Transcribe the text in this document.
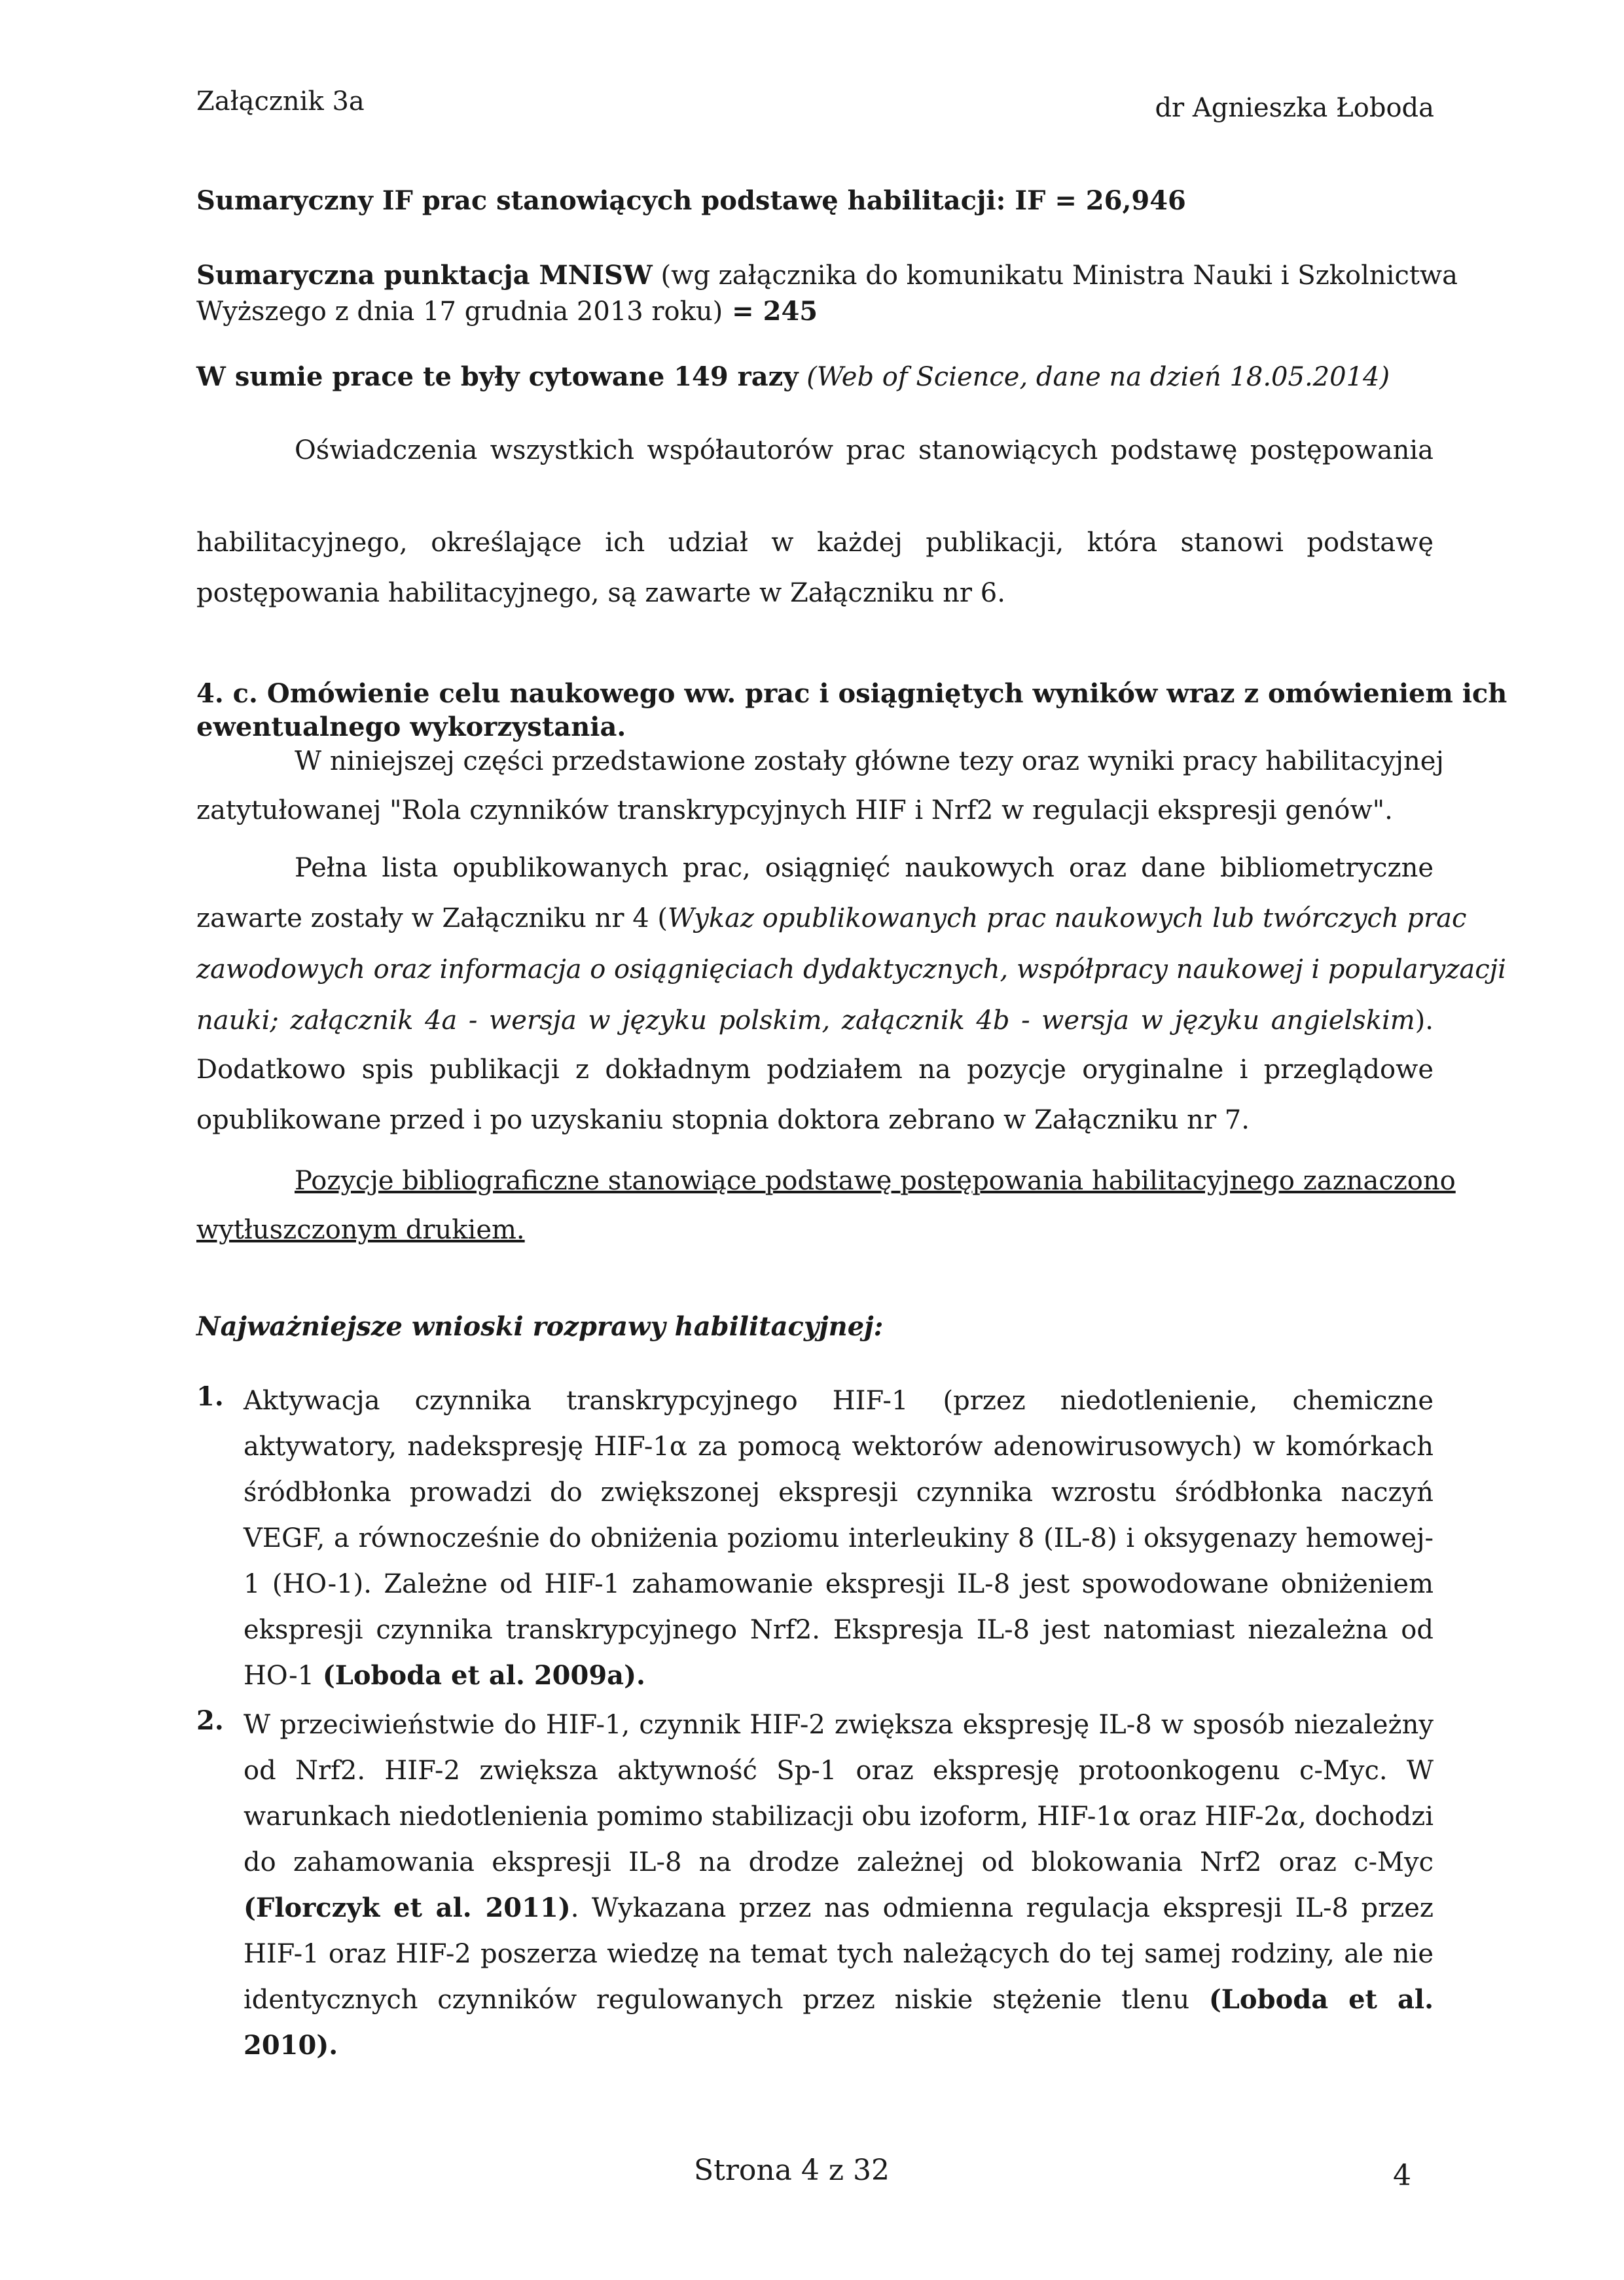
Załącznik 3a	dr Agnieszka Łoboda
Sumaryczny IF prac stanowiących podstawę habilitacji: IF = 26,946
Sumaryczna punktacja MNISW (wg załącznika do komunikatu Ministra Nauki i Szkolnictwa
Wyższego z dnia 17 grudnia 2013 roku) = 245
W sumie prace te były cytowane 149 razy (Web of Science, dane na dzień 18.05.2014)
Oświadczenia wszystkich współautorów prac stanowiących podstawę postępowania
habilitacyjnego, określające ich udział w każdej publikacji, która stanowi podstawę
postępowania habilitacyjnego, są zawarte w Załączniku nr 6.
4. c. Omówienie celu naukowego ww. prac i osiągniętych wyników wraz z omówieniem ich
ewentualnego wykorzystania.
W niniejszej części przedstawione zostały główne tezy oraz wyniki pracy habilitacyjnej
zatytułowanej "Rola czynników transkrypcyjnych HIF i Nrf2 w regulacji ekspresji genów".
Pełna lista opublikowanych prac, osiągnięć naukowych oraz dane bibliometryczne
zawarte zostały w Załączniku nr 4 (Wykaz opublikowanych prac naukowych lub twórczych prac
zawodowych oraz informacja o osiągnięciach dydaktycznych, współpracy naukowej i popularyzacji
nauki; załącznik 4a - wersja w języku polskim, załącznik 4b - wersja w języku angielskim).
Dodatkowo spis publikacji z dokładnym podziałem na pozycje oryginalne i przeglądowe
opublikowane przed i po uzyskaniu stopnia doktora zebrano w Załączniku nr 7.
Pozycje bibliograficzne stanowiące podstawę postępowania habilitacyjnego zaznaczono
wytłuszczonym drukiem.
Najważniejsze wnioski rozprawy habilitacyjnej:
1. Aktywacja czynnika transkrypcyjnego HIF-1 (przez niedotlenienie, chemiczne aktywatory, nadekspresję HIF-1α za pomocą wektorów adenowirusowych) w komórkach śródbłonka prowadzi do zwiększonej ekspresji czynnika wzrostu śródbłonka naczyń VEGF, a równocześnie do obniżenia poziomu interleukiny 8 (IL-8) i oksygenazy hemowej-1 (HO-1). Zależne od HIF-1 zahamowanie ekspresji IL-8 jest spowodowane obniżeniem ekspresji czynnika transkrypcyjnego Nrf2. Ekspresja IL-8 jest natomiast niezależna od HO-1 (Loboda et al. 2009a).
2. W przeciwieństwie do HIF-1, czynnik HIF-2 zwiększa ekspresję IL-8 w sposób niezależny od Nrf2. HIF-2 zwiększa aktywność Sp-1 oraz ekspresję protoonkogenu c-Myc. W warunkach niedotlenienia pomimo stabilizacji obu izoform, HIF-1α oraz HIF-2α, dochodzi do zahamowania ekspresji IL-8 na drodze zależnej od blokowania Nrf2 oraz c-Myc (Florczyk et al. 2011). Wykazana przez nas odmienna regulacja ekspresji IL-8 przez HIF-1 oraz HIF-2 poszerza wiedzę na temat tych należących do tej samej rodziny, ale nie identycznych czynników regulowanych przez niskie stężenie tlenu (Loboda et al. 2010).
Strona 4 z 32	4
